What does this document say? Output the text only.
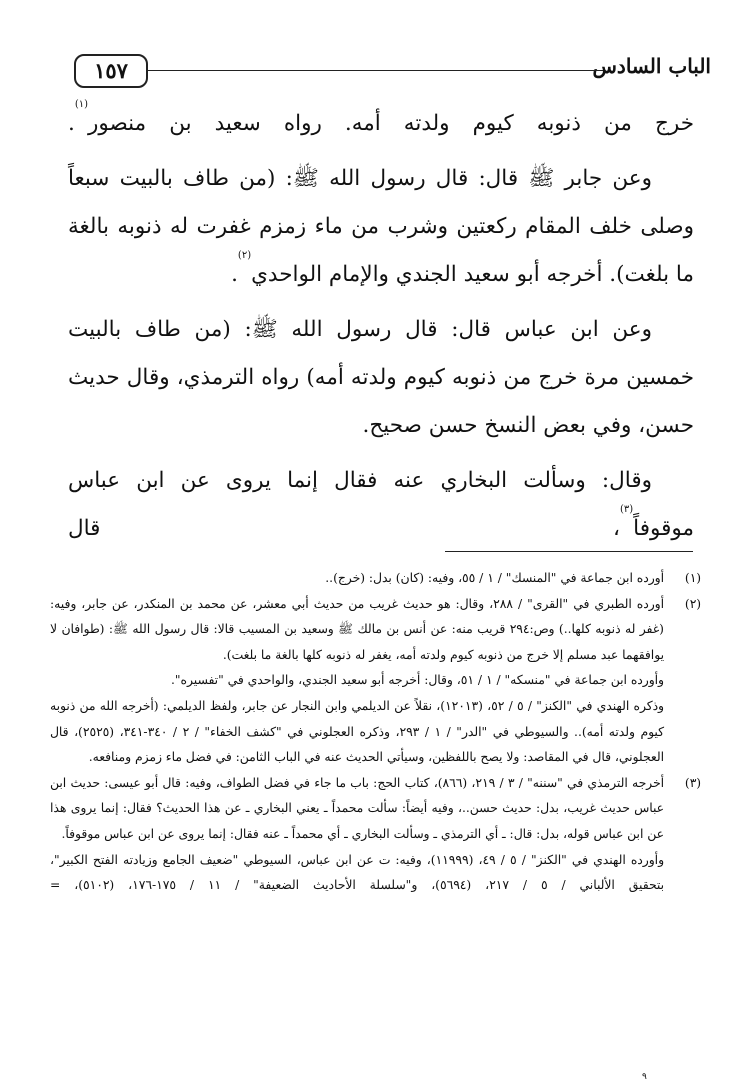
الباب السادس
١٥٧

خرج من ذنوبه كيوم ولدته أمه. رواه سعيد بن منصور$^{(١)}$.

وعن جابر ﷺ قال: قال رسول الله ﷺ: (من طاف بالبيت سبعاً وصلى خلف المقام ركعتين وشرب من ماء زمزم غفرت له ذنوبه بالغة ما بلغت). أخرجه أبو سعيد الجندي والإمام الواحدي$^{(٢)}$.

وعن ابن عباس قال: قال رسول الله ﷺ: (من طاف بالبيت خمسين مرة خرج من ذنوبه كيوم ولدته أمه) رواه الترمذي، وقال حديث حسن، وفي بعض النسخ حسن صحيح.

وقال: وسألت البخاري عنه فقال إنما يروى عن ابن عباس موقوفاً$^{(٣)}$، قال

(١)

أورده ابن جماعة في "المنسك" / ١ / ٥٥، وفيه: (كان) بدل: (خرج)..

(٢)

أورده الطبري في "القرى" / ٢٨٨، وقال: هو حديث غريب من حديث أبي معشر، عن محمد بن المنكدر، عن جابر، وفيه: (غفر له ذنوبه كلها..) وص:٢٩٤ قريب منه: عن أنس بن مالك ﷺ وسعيد بن المسيب قالا: قال رسول الله ﷺ: (طوافان لا يوافقهما عبد مسلم إلا خرج من ذنوبه كيوم ولدته أمه، يغفر له ذنوبه كلها بالغة ما بلغت).

وأورده ابن جماعة في "منسكه" / ١ / ٥١، وقال: أخرجه أبو سعيد الجندي، والواحدي في "تفسيره".

وذكره الهندي في "الكنز" / ٥ / ٥٢، (١٢٠١٣)، نقلاً عن الديلمي وابن النجار عن جابر، ولفظ الديلمي: (أخرجه الله من ذنوبه كيوم ولدته أمه).. والسيوطي في "الدر" / ١ / ٢٩٣، وذكره العجلوني في "كشف الخفاء" / ٢ / ٣٤٠-٣٤١، (٢٥٢٥)، قال العجلوني، قال في المقاصد: ولا يصح باللفظين، وسيأتي الحديث عنه في الباب الثامن: في فضل ماء زمزم ومنافعه.

(٣)

أخرجه الترمذي في "سننه" / ٣ / ٢١٩، (٨٦٦)، كتاب الحج: باب ما جاء في فضل الطواف، وفيه: قال أبو عيسى: حديث ابن عباس حديث غريب، بدل: حديث حسن..، وفيه أيضاً: سألت محمداً ـ يعني البخاري ـ عن هذا الحديث؟ فقال: إنما يروى هذا عن ابن عباس قوله، بدل: قال: ـ أي الترمذي ـ وسألت البخاري ـ أي محمداً ـ عنه فقال: إنما يروى عن ابن عباس موقوفاً.

وأورده الهندي في "الكنز" / ٥ / ٤٩، (١١٩٩٩)، وفيه: ت عن ابن عباس، السيوطي "ضعيف الجامع وزيادته الفتح الكبير"، بتحقيق الألباني / ٥ / ٢١٧، (٥٦٩٤)، و"سلسلة الأحاديث الضعيفة" / ١١ / ١٧٥-١٧٦، (٥١٠٢)، =

٩
